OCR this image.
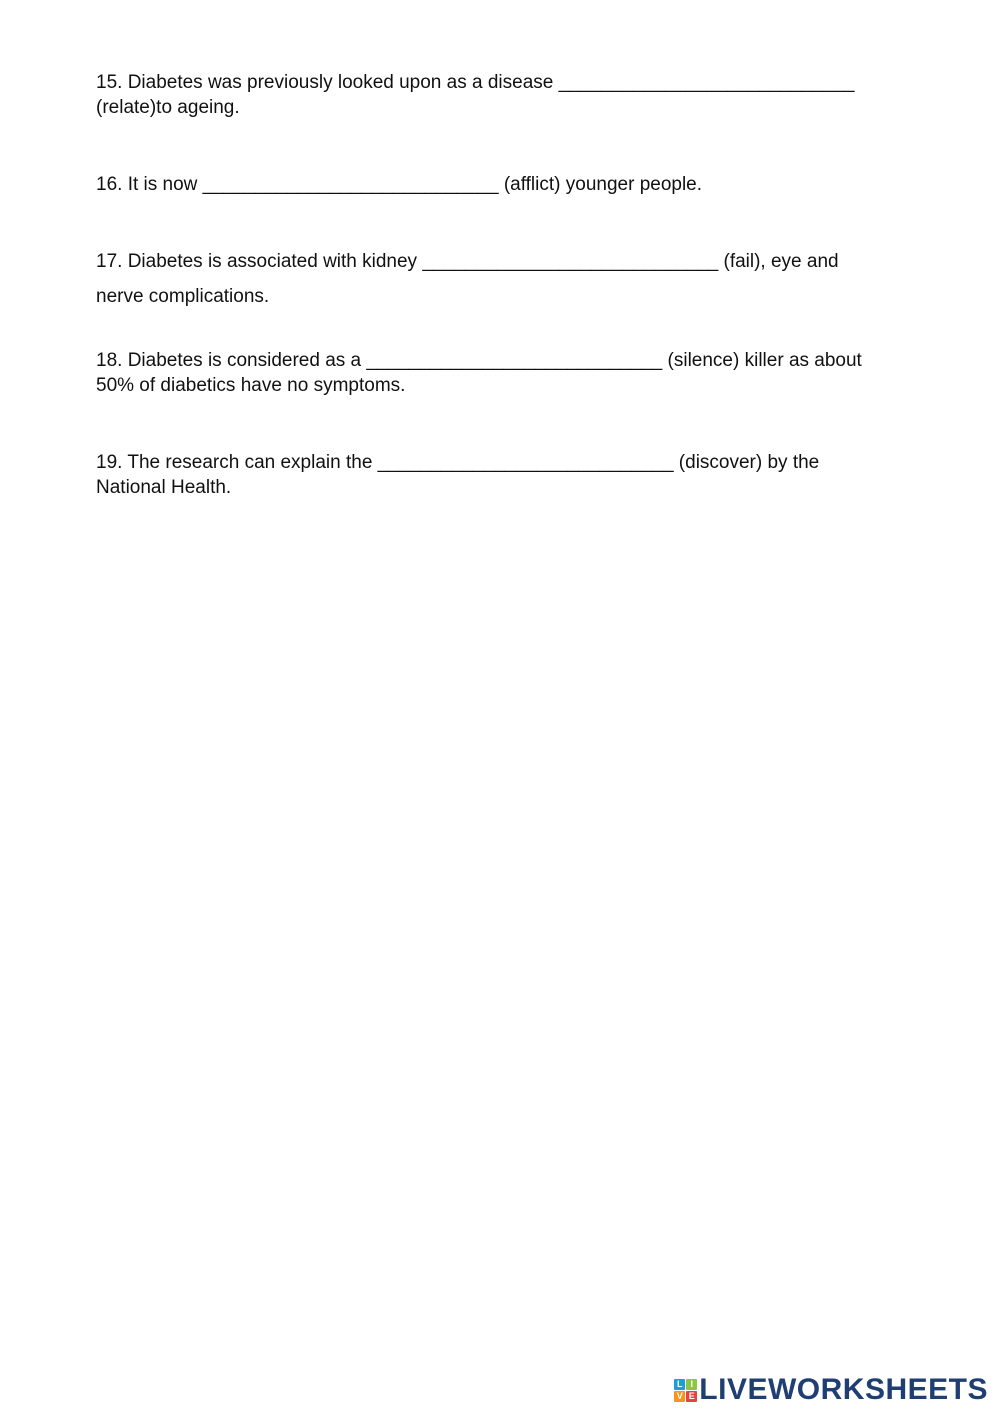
15. Diabetes was previously looked upon as a disease ____________________________
(relate)to ageing.
16. It is now ____________________________ (afflict) younger people.
17. Diabetes is associated with kidney ____________________________ (fail), eye and
nerve complications.
18. Diabetes is considered as a ____________________________ (silence) killer as about
50% of diabetics have no symptoms.
19. The research can explain the ____________________________ (discover) by the
National Health.
L I
V E LIVEWORKSHEETS
